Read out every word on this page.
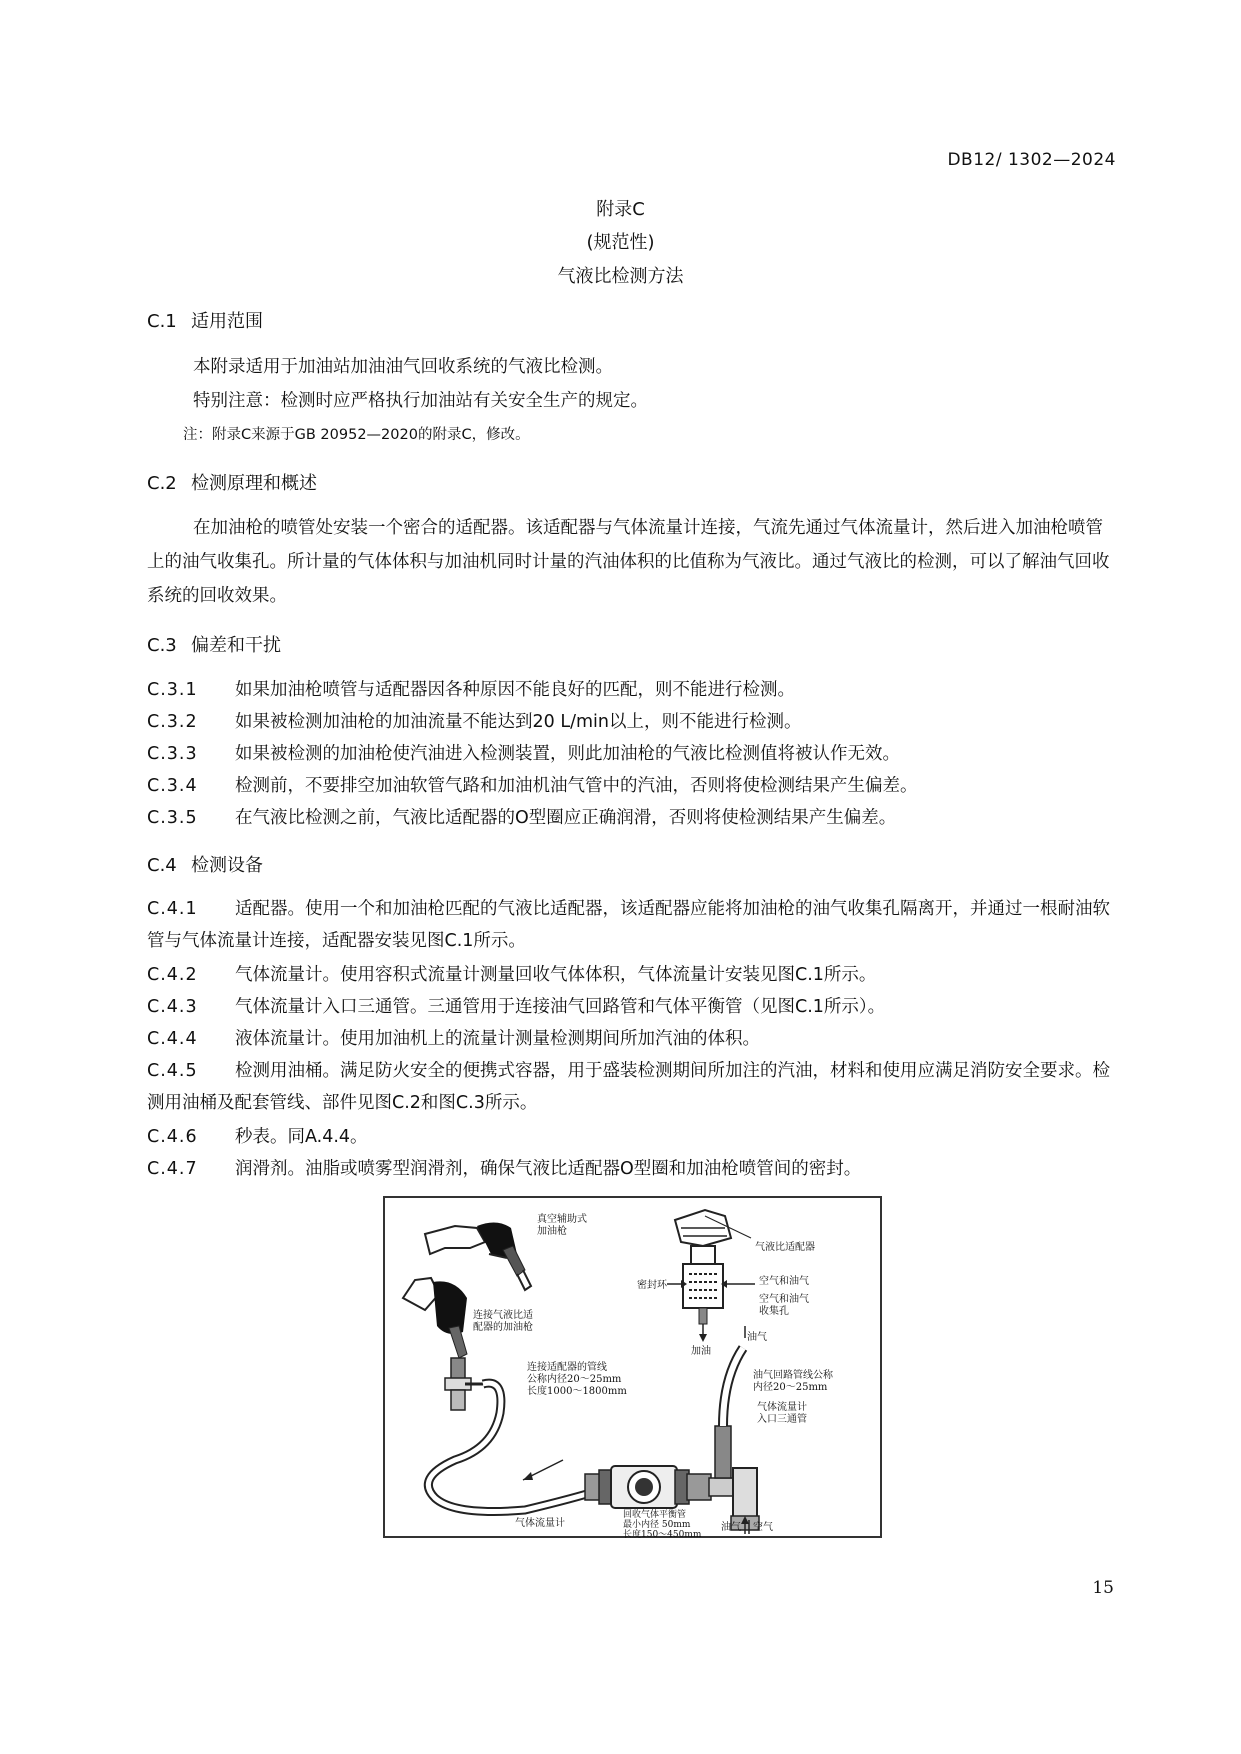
DB12/ 1302—2024
附录C
(规范性)
气液比检测方法
C.1 适用范围
本附录适用于加油站加油油气回收系统的气液比检测。
特别注意：检测时应严格执行加油站有关安全生产的规定。
注：附录C来源于GB 20952—2020的附录C，修改。
C.2 检测原理和概述
在加油枪的喷管处安装一个密合的适配器。该适配器与气体流量计连接，气流先通过气体流量计，然后进入加油枪喷管上的油气收集孔。所计量的气体体积与加油机同时计量的汽油体积的比值称为气液比。通过气液比的检测，可以了解油气回收系统的回收效果。
C.3 偏差和干扰
C.3.1 如果加油枪喷管与适配器因各种原因不能良好的匹配，则不能进行检测。
C.3.2 如果被检测加油枪的加油流量不能达到20 L/min以上，则不能进行检测。
C.3.3 如果被检测的加油枪使汽油进入检测装置，则此加油枪的气液比检测值将被认作无效。
C.3.4 检测前，不要排空加油软管气路和加油机油气管中的汽油，否则将使检测结果产生偏差。
C.3.5 在气液比检测之前，气液比适配器的O型圈应正确润滑，否则将使检测结果产生偏差。
C.4 检测设备
C.4.1 适配器。使用一个和加油枪匹配的气液比适配器，该适配器应能将加油枪的油气收集孔隔离开，并通过一根耐油软管与气体流量计连接，适配器安装见图C.1所示。
C.4.2 气体流量计。使用容积式流量计测量回收气体体积，气体流量计安装见图C.1所示。
C.4.3 气体流量计入口三通管。三通管用于连接油气回路管和气体平衡管（见图C.1所示）。
C.4.4 液体流量计。使用加油机上的流量计测量检测期间所加汽油的体积。
C.4.5 检测用油桶。满足防火安全的便携式容器，用于盛装检测期间所加注的汽油，材料和使用应满足消防安全要求。检测用油桶及配套管线、部件见图C.2和图C.3所示。
C.4.6 秒表。同A.4.4。
C.4.7 润滑剂。油脂或喷雾型润滑剂，确保气液比适配器O型圈和加油枪喷管间的密封。
真空辅助式
加油枪
气液比适配器
密封环	空气和油气
空气和油气
收集孔
加油
连接气液比适
配器的加油枪
连接适配器的管线
公称内径20～25mm
长度1000～1800mm
油气
油气回路管线公称
内径20～25mm
气体流量计
入口三通管
回收气体平衡管
最小内径 50mm
长度150～450mm
气体流量计	油气 空气
15
